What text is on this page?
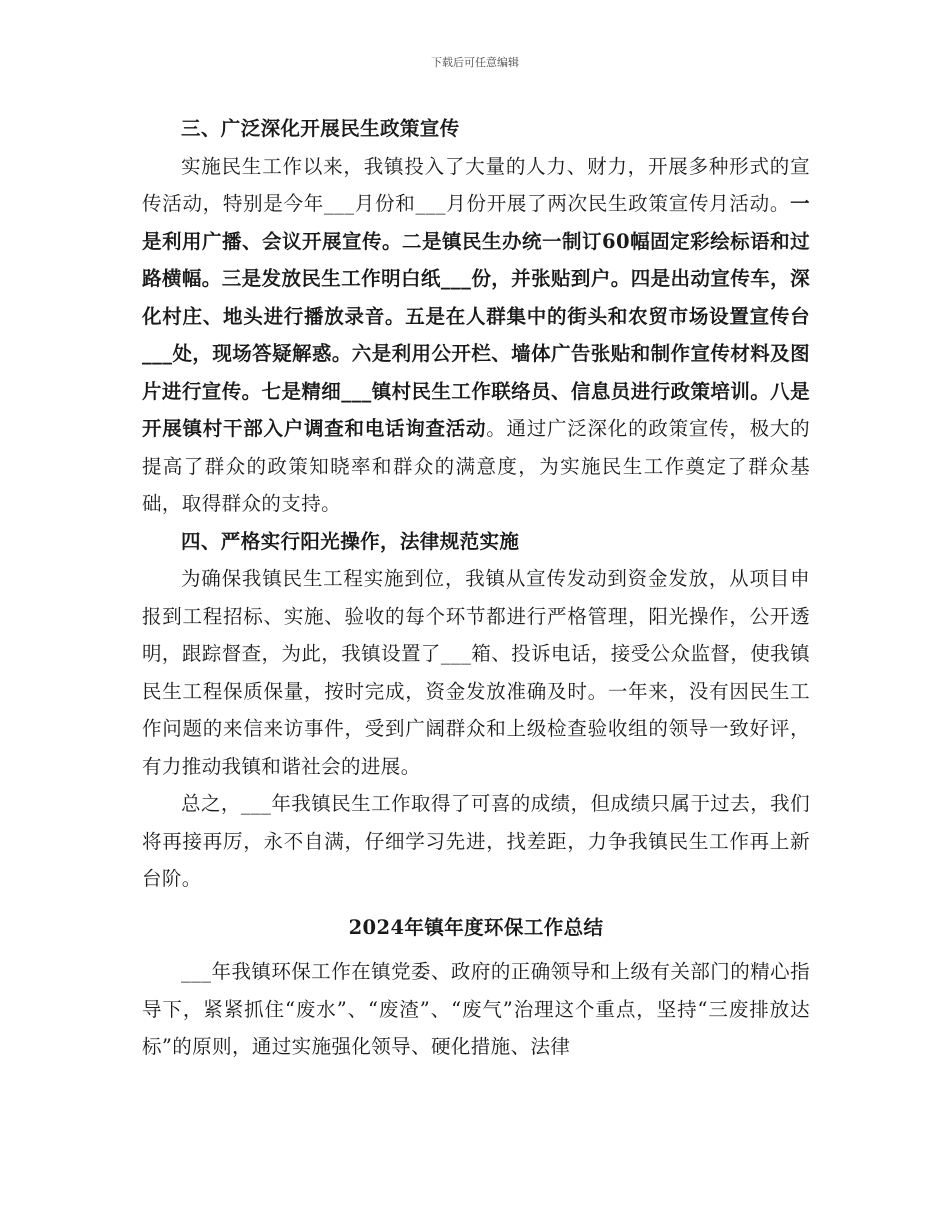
下载后可任意编辑

三、广泛深化开展民生政策宣传

实施民生工作以来，我镇投入了大量的人力、财力，开展多种形式的宣传活动，特别是今年___月份和___月份开展了两次民生政策宣传月活动。一是利用广播、会议开展宣传。二是镇民生办统一制订60幅固定彩绘标语和过路横幅。三是发放民生工作明白纸___份，并张贴到户。四是出动宣传车，深化村庄、地头进行播放录音。五是在人群集中的街头和农贸市场设置宣传台___处，现场答疑解惑。六是利用公开栏、墙体广告张贴和制作宣传材料及图片进行宣传。七是精细___镇村民生工作联络员、信息员进行政策培训。八是开展镇村干部入户调查和电话询查活动。通过广泛深化的政策宣传，极大的提高了群众的政策知晓率和群众的满意度，为实施民生工作奠定了群众基础，取得群众的支持。

四、严格实行阳光操作，法律规范实施

为确保我镇民生工程实施到位，我镇从宣传发动到资金发放，从项目申报到工程招标、实施、验收的每个环节都进行严格管理，阳光操作，公开透明，跟踪督查，为此，我镇设置了___箱、投诉电话，接受公众监督，使我镇民生工程保质保量，按时完成，资金发放准确及时。一年来，没有因民生工作问题的来信来访事件，受到广阔群众和上级检查验收组的领导一致好评，有力推动我镇和谐社会的进展。

总之，___年我镇民生工作取得了可喜的成绩，但成绩只属于过去，我们将再接再厉，永不自满，仔细学习先进，找差距，力争我镇民生工作再上新台阶。

2024年镇年度环保工作总结

___年我镇环保工作在镇党委、政府的正确领导和上级有关部门的精心指导下，紧紧抓住“废水”、“废渣”、“废气”治理这个重点，坚持“三废排放达标”的原则，通过实施强化领导、硬化措施、法律
